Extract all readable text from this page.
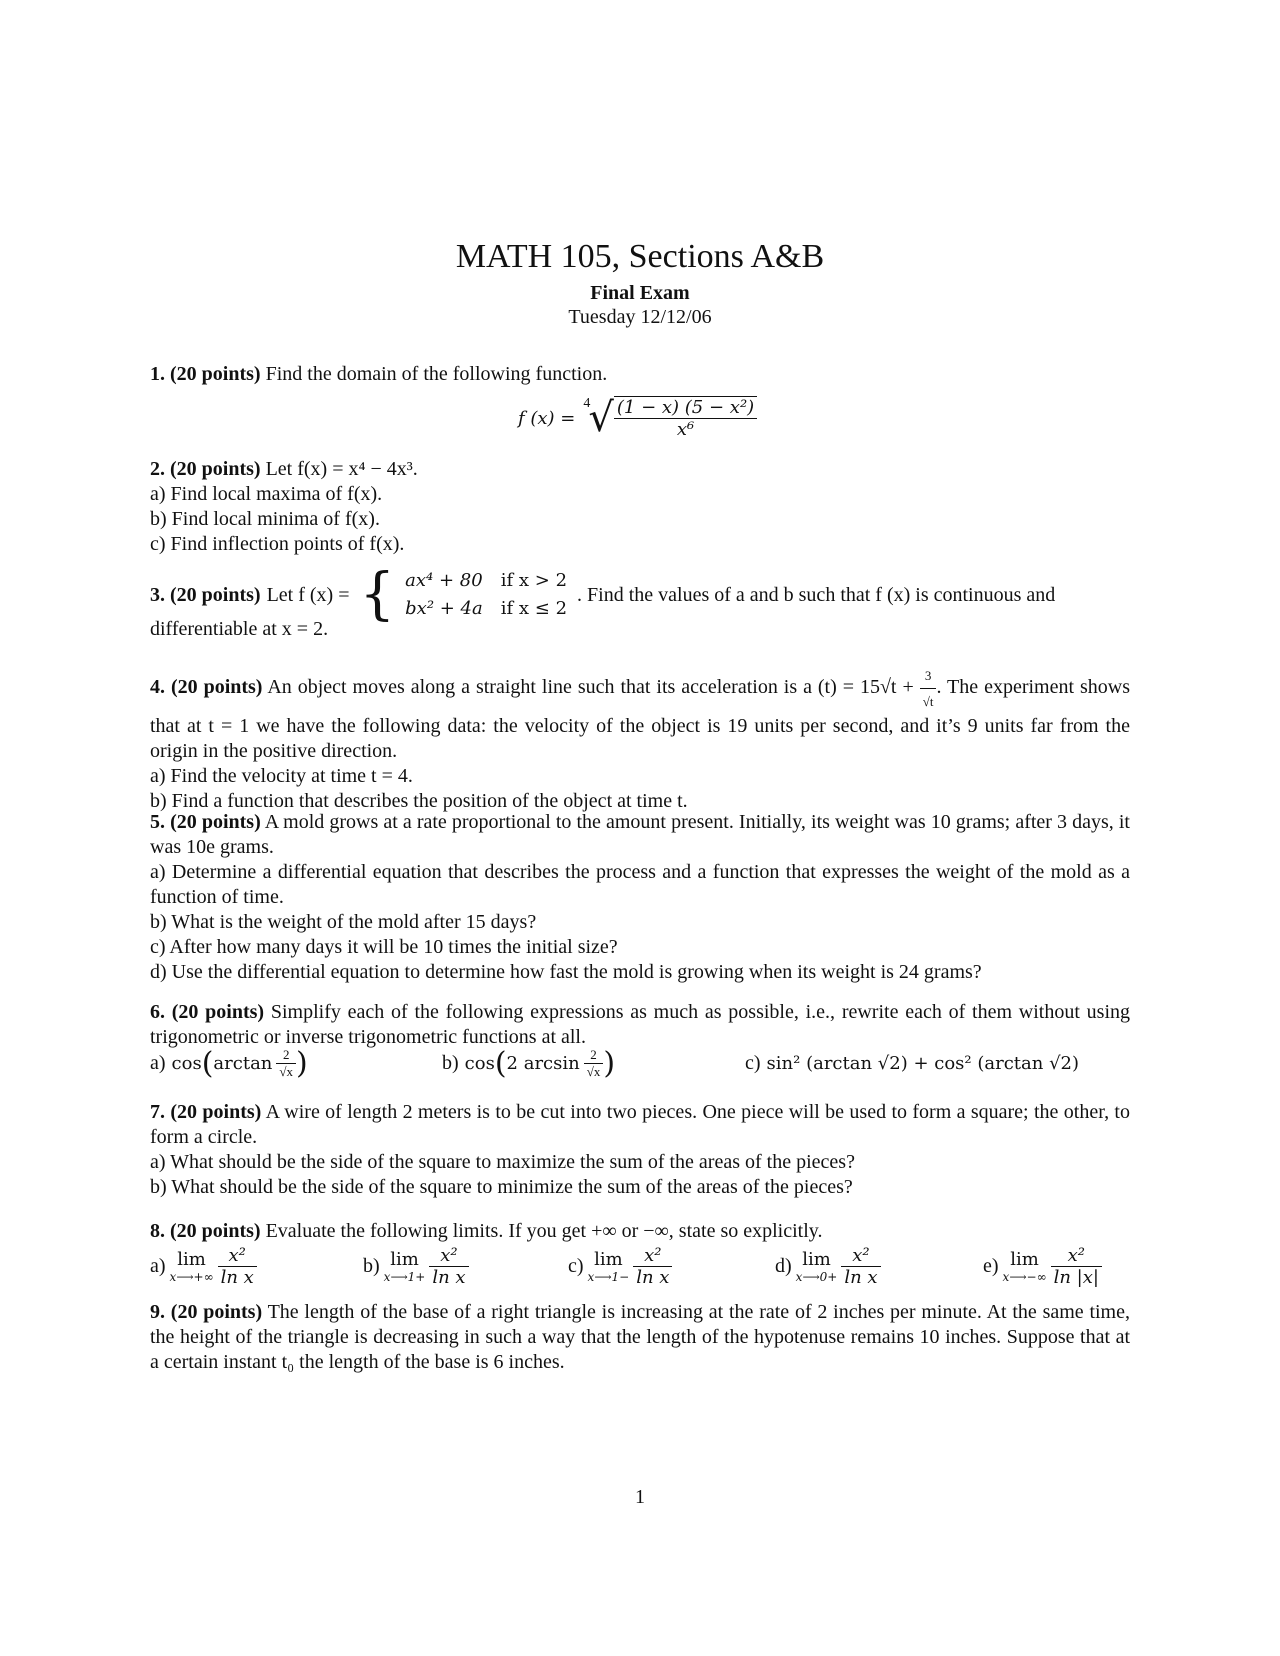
MATH 105, Sections A&B
Final Exam
Tuesday 12/12/06

1. (20 points) Find the domain of the following function.

f (x) =
$^4$
√ $\frac{\text{(1 − x) (5 − x²)}}{\text{x⁶}}$

2. (20 points) Let f(x) = x⁴ − 4x³.

a) Find local maxima of f(x).

b) Find local minima of f(x).

c) Find inflection points of f(x).

3. (20 points) Let f (x) = { ax⁴ + 80	if x > 2
bx² + 4a	if x ≤ 2
. Find the values of a and b such that f (x) is continuous and

differentiable at x = 2.

4. (20 points) An object moves along a straight line such that its acceleration is a $(t) = 15√t + \frac{3}{√t}$ . The experiment shows that at t = 1 we have the following data: the velocity of the object is 19 units per second, and it’s 9 units far from the origin in the positive direction.

a) Find the velocity at time t = 4.

b) Find a function that describes the position of the object at time t.

5. (20 points) A mold grows at a rate proportional to the amount present. Initially, its weight was 10 grams; after 3 days, it was 10e grams.

a) Determine a differential equation that describes the process and a function that expresses the weight of the mold as a function of time.

b) What is the weight of the mold after 15 days?

c) After how many days it will be 10 times the initial size?

d) Use the differential equation to determine how fast the mold is growing when its weight is 24 grams?

6. (20 points) Simplify each of the following expressions as much as possible, i.e., rewrite each of them without using trigonometric or inverse trigonometric functions at all.

a) cos ( $\arctan \frac{2}{√x}$ )	b) cos ( 2 $\arcsin \frac{2}{√x}$ )	c) sin² (arctan √2) + cos² (arctan √2)

7. (20 points) A wire of length 2 meters is to be cut into two pieces. One piece will be used to form a square; the other, to form a circle.

a) What should be the side of the square to maximize the sum of the areas of the pieces?

b) What should be the side of the square to minimize the sum of the areas of the pieces?

8. (20 points) Evaluate the following limits. If you get +∞ or −∞, state so explicitly.

a) lim
x⟶+∞ $\frac{\text{x²}}{\text{ln x}}$	b) lim
x⟶1+ $\frac{\text{x²}}{\text{ln x}}$	c) lim
x⟶1− $\frac{\text{x²}}{\text{ln x}}$	d) lim
x⟶0+ $\frac{\text{x²}}{\text{ln x}}$	e) lim
x⟶−∞ $\frac{\text{x²}}{\ln |x|}$

9. (20 points) The length of the base of a right triangle is increasing at the rate of 2 inches per minute. At the same time, the height of the triangle is decreasing in such a way that the length of the hypotenuse remains 10 inches. Suppose that at a certain instant t₀ the length of the base is 6 inches.

1
